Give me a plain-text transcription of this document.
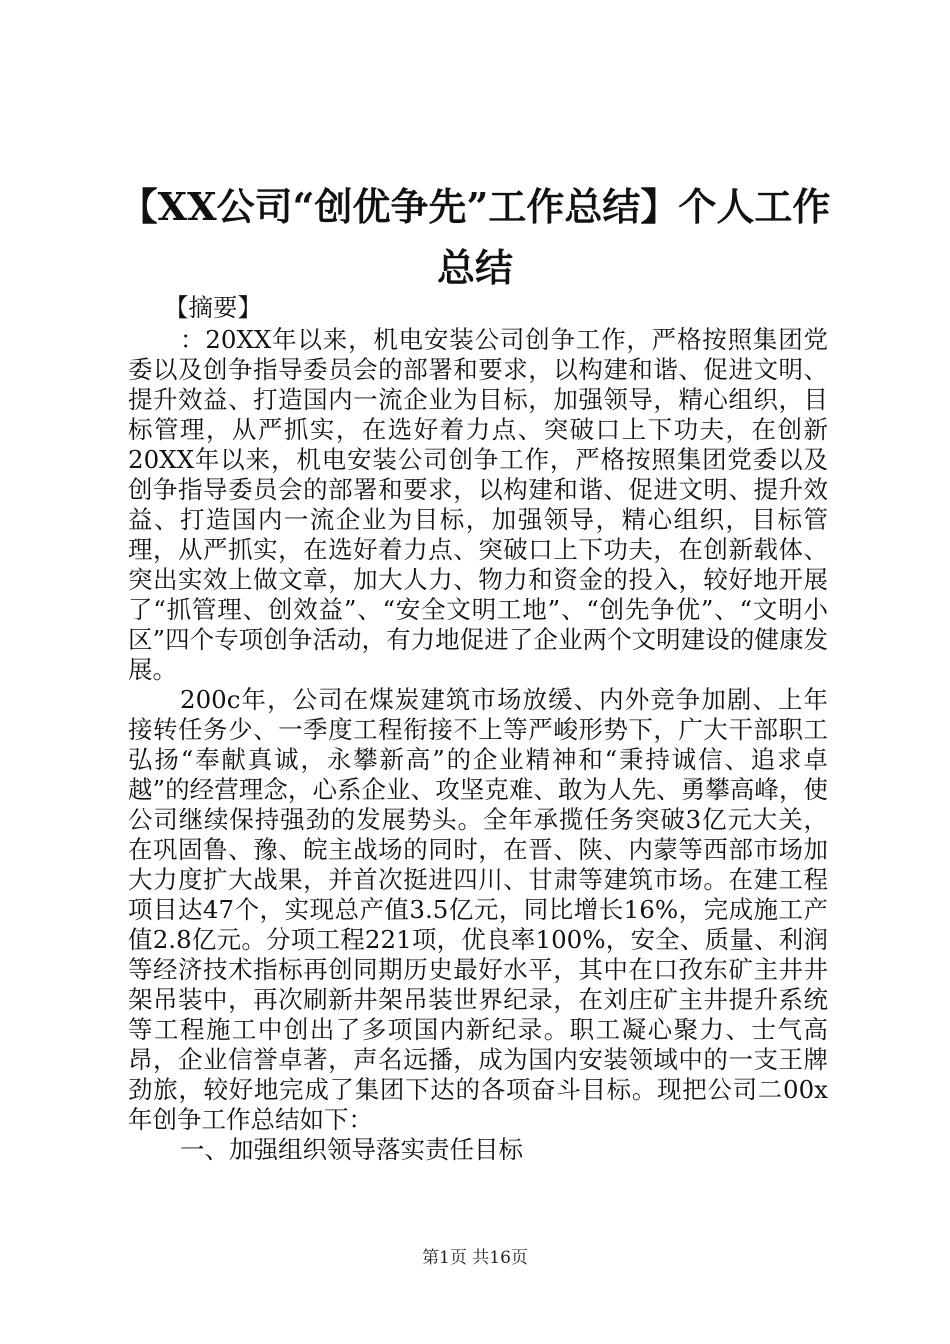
【XX公司“创优争先”工作总结】个人工作
总结

【摘要】

：20XX年以来，机电安装公司创争工作，严格按照集团党委以及创争指导委员会的部署和要求，以构建和谐、促进文明、提升效益、打造国内一流企业为目标，加强领导，精心组织，目标管理，从严抓实，在选好着力点、突破口上下功夫，在创新20XX年以来，机电安装公司创争工作，严格按照集团党委以及创争指导委员会的部署和要求，以构建和谐、促进文明、提升效益、打造国内一流企业为目标，加强领导，精心组织，目标管理，从严抓实，在选好着力点、突破口上下功夫，在创新载体、突出实效上做文章，加大人力、物力和资金的投入，较好地开展了“抓管理、创效益”、“安全文明工地”、“创先争优”、“文明小区”四个专项创争活动，有力地促进了企业两个文明建设的健康发展。

200c年，公司在煤炭建筑市场放缓、内外竞争加剧、上年接转任务少、一季度工程衔接不上等严峻形势下，广大干部职工弘扬“奉献真诚，永攀新高”的企业精神和“秉持诚信、追求卓越”的经营理念，心系企业、攻坚克难、敢为人先、勇攀高峰，使公司继续保持强劲的发展势头。全年承揽任务突破3亿元大关，在巩固鲁、豫、皖主战场的同时，在晋、陕、内蒙等西部市场加大力度扩大战果，并首次挺进四川、甘肃等建筑市场。在建工程项目达47个，实现总产值3.5亿元，同比增长16%，完成施工产值2.8亿元。分项工程221项，优良率100%，安全、质量、利润等经济技术指标再创同期历史最好水平，其中在口孜东矿主井井架吊装中，再次刷新井架吊装世界纪录，在刘庄矿主井提升系统等工程施工中创出了多项国内新纪录。职工凝心聚力、士气高昂，企业信誉卓著，声名远播，成为国内安装领域中的一支王牌劲旅，较好地完成了集团下达的各项奋斗目标。现把公司二00x年创争工作总结如下：

一、加强组织领导落实责任目标

第1页 共16页
